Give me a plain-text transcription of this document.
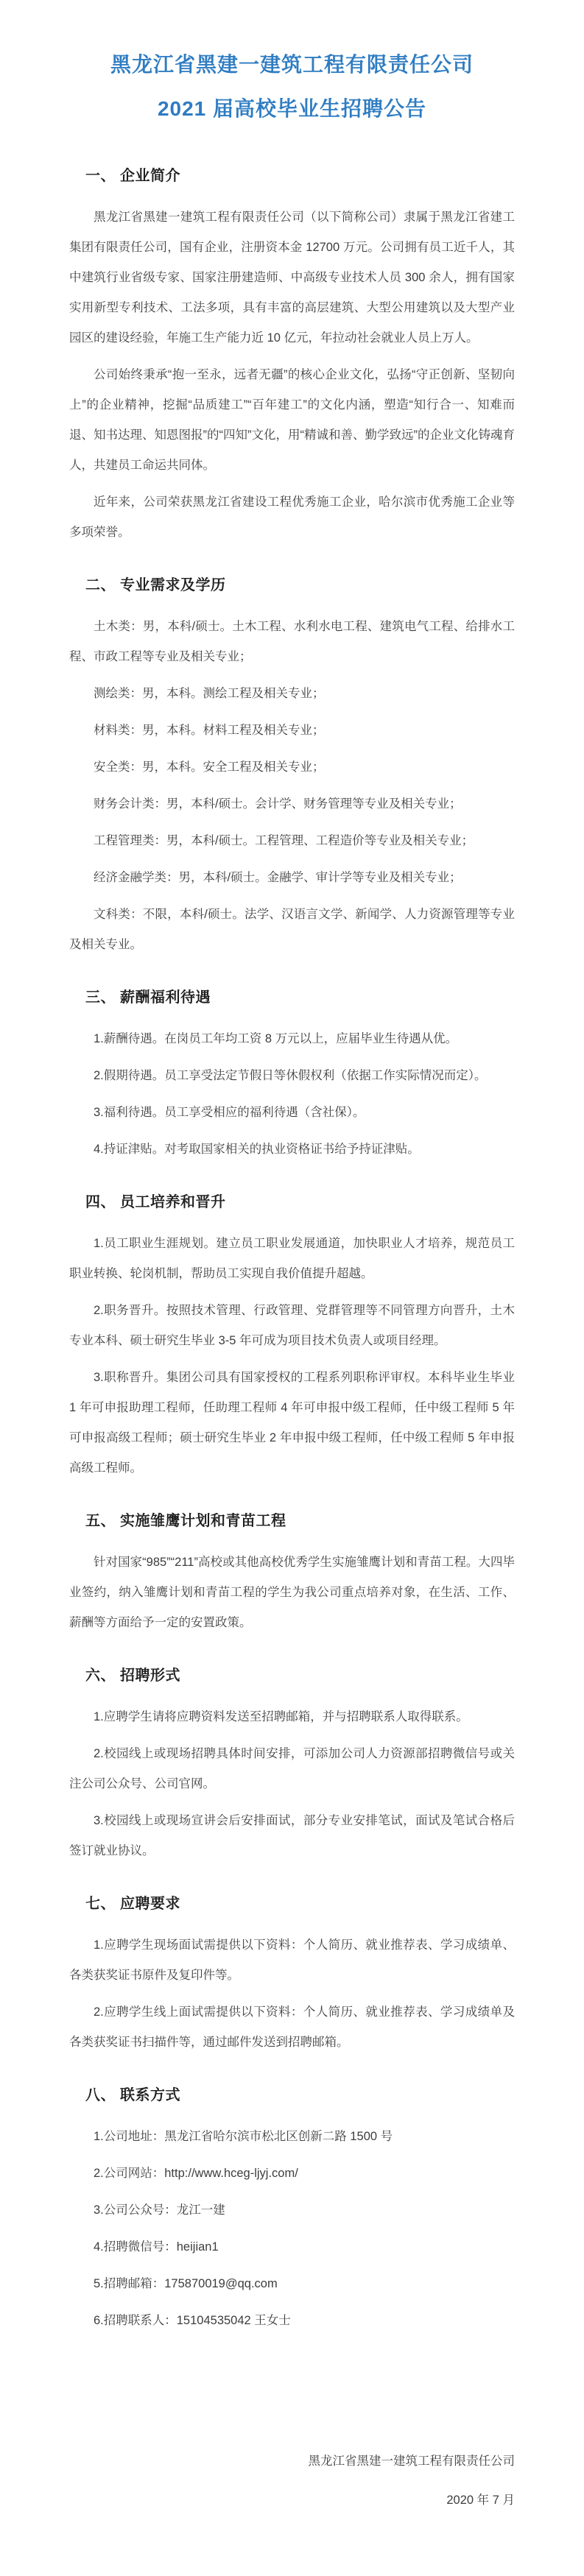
黑龙江省黑建一建筑工程有限责任公司
2021 届高校毕业生招聘公告
一、 企业简介

黑龙江省黑建一建筑工程有限责任公司（以下简称公司）隶属于黑龙江省建工集团有限责任公司，国有企业，注册资本金 12700 万元。公司拥有员工近千人，其中建筑行业省级专家、国家注册建造师、中高级专业技术人员 300 余人，拥有国家实用新型专利技术、工法多项，具有丰富的高层建筑、大型公用建筑以及大型产业园区的建设经验，年施工生产能力近 10 亿元，年拉动社会就业人员上万人。

公司始终秉承“抱一至永，远者无疆”的核心企业文化，弘扬“守正创新、坚韧向上”的企业精神，挖掘“品质建工”“百年建工”的文化内涵，塑造“知行合一、知难而退、知书达理、知恩图报”的“四知”文化，用“精诚和善、勤学致远”的企业文化铸魂育人，共建员工命运共同体。

近年来，公司荣获黑龙江省建设工程优秀施工企业，哈尔滨市优秀施工企业等多项荣誉。

二、 专业需求及学历

土木类：男，本科/硕士。土木工程、水利水电工程、建筑电气工程、给排水工程、市政工程等专业及相关专业；

测绘类：男，本科。测绘工程及相关专业；

材料类：男，本科。材料工程及相关专业；

安全类：男，本科。安全工程及相关专业；

财务会计类：男，本科/硕士。会计学、财务管理等专业及相关专业；

工程管理类：男，本科/硕士。工程管理、工程造价等专业及相关专业；

经济金融学类：男，本科/硕士。金融学、审计学等专业及相关专业；

文科类：不限，本科/硕士。法学、汉语言文学、新闻学、人力资源管理等专业及相关专业。

三、 薪酬福利待遇

1.薪酬待遇。在岗员工年均工资 8 万元以上，应届毕业生待遇从优。

2.假期待遇。员工享受法定节假日等休假权利（依据工作实际情况而定）。

3.福利待遇。员工享受相应的福利待遇（含社保）。

4.持证津贴。对考取国家相关的执业资格证书给予持证津贴。

四、 员工培养和晋升

1.员工职业生涯规划。建立员工职业发展通道，加快职业人才培养，规范员工职业转换、轮岗机制，帮助员工实现自我价值提升超越。

2.职务晋升。按照技术管理、行政管理、党群管理等不同管理方向晋升，土木专业本科、硕士研究生毕业 3-5 年可成为项目技术负责人或项目经理。

3.职称晋升。集团公司具有国家授权的工程系列职称评审权。本科毕业生毕业 1 年可申报助理工程师，任助理工程师 4 年可申报中级工程师，任中级工程师 5 年可申报高级工程师；硕士研究生毕业 2 年申报中级工程师，任中级工程师 5 年申报高级工程师。

五、 实施雏鹰计划和青苗工程

针对国家“985”“211”高校或其他高校优秀学生实施雏鹰计划和青苗工程。大四毕业签约，纳入雏鹰计划和青苗工程的学生为我公司重点培养对象，在生活、工作、薪酬等方面给予一定的安置政策。

六、 招聘形式

1.应聘学生请将应聘资料发送至招聘邮箱，并与招聘联系人取得联系。

2.校园线上或现场招聘具体时间安排，可添加公司人力资源部招聘微信号或关注公司公众号、公司官网。

3.校园线上或现场宣讲会后安排面试，部分专业安排笔试，面试及笔试合格后签订就业协议。

七、 应聘要求

1.应聘学生现场面试需提供以下资料：个人简历、就业推荐表、学习成绩单、各类获奖证书原件及复印件等。

2.应聘学生线上面试需提供以下资料：个人简历、就业推荐表、学习成绩单及各类获奖证书扫描件等，通过邮件发送到招聘邮箱。

八、 联系方式

1.公司地址：黑龙江省哈尔滨市松北区创新二路 1500 号

2.公司网站：http://www.hceg-ljyj.com/

3.公司公众号：龙江一建

4.招聘微信号：heijian1

5.招聘邮箱：175870019@qq.com

6.招聘联系人：15104535042 王女士

黑龙江省黑建一建筑工程有限责任公司

2020 年 7 月
